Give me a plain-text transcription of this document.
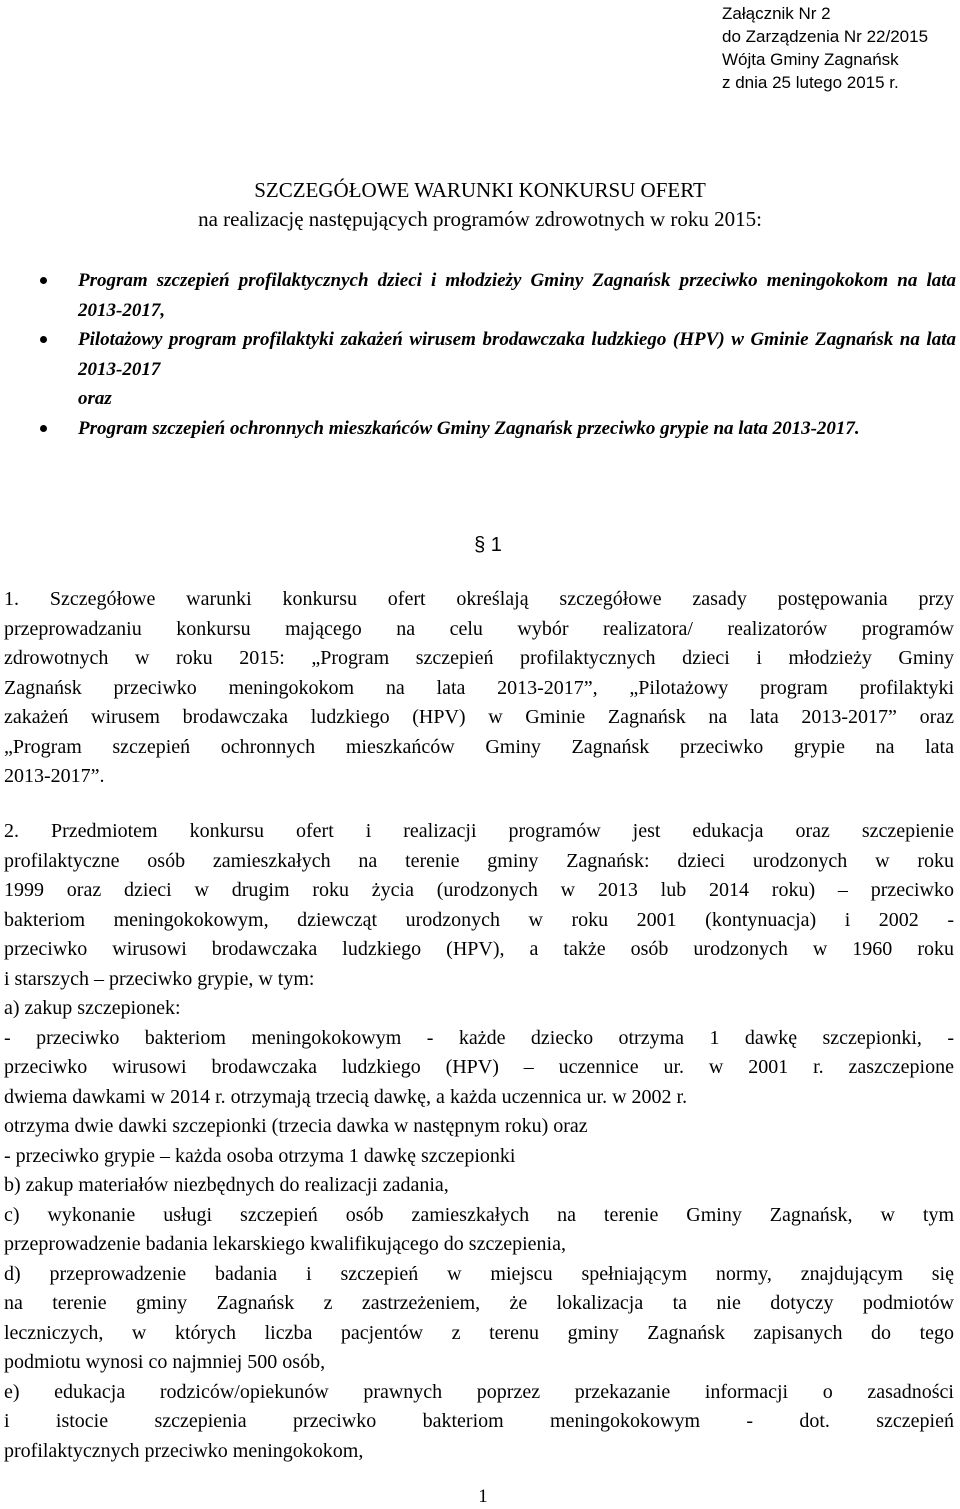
Załącznik Nr 2
do Zarządzenia Nr 22/2015
Wójta Gminy Zagnańsk
z dnia 25 lutego 2015 r.
SZCZEGÓŁOWE WARUNKI KONKURSU OFERT
na realizację następujących programów zdrowotnych w roku 2015:
Program szczepień profilaktycznych dzieci i młodzieży Gminy Zagnańsk przeciwko meningokokom na lata 2013-2017,
Pilotażowy program profilaktyki zakażeń wirusem brodawczaka ludzkiego (HPV) w Gminie Zagnańsk na lata 2013-2017
oraz
Program szczepień ochronnych mieszkańców Gminy Zagnańsk przeciwko grypie na lata 2013-2017.
§ 1
1. Szczegółowe warunki konkursu ofert określają szczegółowe zasady postępowania przy
przeprowadzaniu konkursu mającego na celu wybór realizatora/ realizatorów programów
zdrowotnych w roku 2015: „Program szczepień profilaktycznych dzieci i młodzieży Gminy
Zagnańsk przeciwko meningokokom na lata 2013-2017”, „Pilotażowy program profilaktyki
zakażeń wirusem brodawczaka ludzkiego (HPV) w Gminie Zagnańsk na lata 2013-2017” oraz
„Program szczepień ochronnych mieszkańców Gminy Zagnańsk przeciwko grypie na lata
2013-2017”.
2. Przedmiotem konkursu ofert i realizacji programów jest edukacja oraz szczepienie
profilaktyczne osób zamieszkałych na terenie gminy Zagnańsk: dzieci urodzonych w roku
1999 oraz dzieci w drugim roku życia (urodzonych w 2013 lub 2014 roku) – przeciwko
bakteriom meningokokowym, dziewcząt urodzonych w roku 2001 (kontynuacja) i 2002 -
przeciwko wirusowi brodawczaka ludzkiego (HPV), a także osób urodzonych w 1960 roku
i starszych – przeciwko grypie, w tym:
a) zakup szczepionek:
- przeciwko bakteriom meningokokowym - każde dziecko otrzyma 1 dawkę szczepionki, -
przeciwko wirusowi brodawczaka ludzkiego (HPV) – uczennice ur. w 2001 r. zaszczepione
dwiema dawkami w 2014 r. otrzymają trzecią dawkę, a każda uczennica ur. w 2002 r.
otrzyma dwie dawki szczepionki (trzecia dawka w następnym roku) oraz
- przeciwko grypie – każda osoba otrzyma 1 dawkę szczepionki
b) zakup materiałów niezbędnych do realizacji zadania,
c) wykonanie usługi szczepień osób zamieszkałych na terenie Gminy Zagnańsk, w tym
przeprowadzenie badania lekarskiego kwalifikującego do szczepienia,
d) przeprowadzenie badania i szczepień w miejscu spełniającym normy, znajdującym się
na terenie gminy Zagnańsk z zastrzeżeniem, że lokalizacja ta nie dotyczy podmiotów
leczniczych, w których liczba pacjentów z terenu gminy Zagnańsk zapisanych do tego
podmiotu wynosi co najmniej 500 osób,
e) edukacja rodziców/opiekunów prawnych poprzez przekazanie informacji o zasadności
i istocie szczepienia przeciwko bakteriom meningokokowym - dot. szczepień
profilaktycznych przeciwko meningokokom,
1
